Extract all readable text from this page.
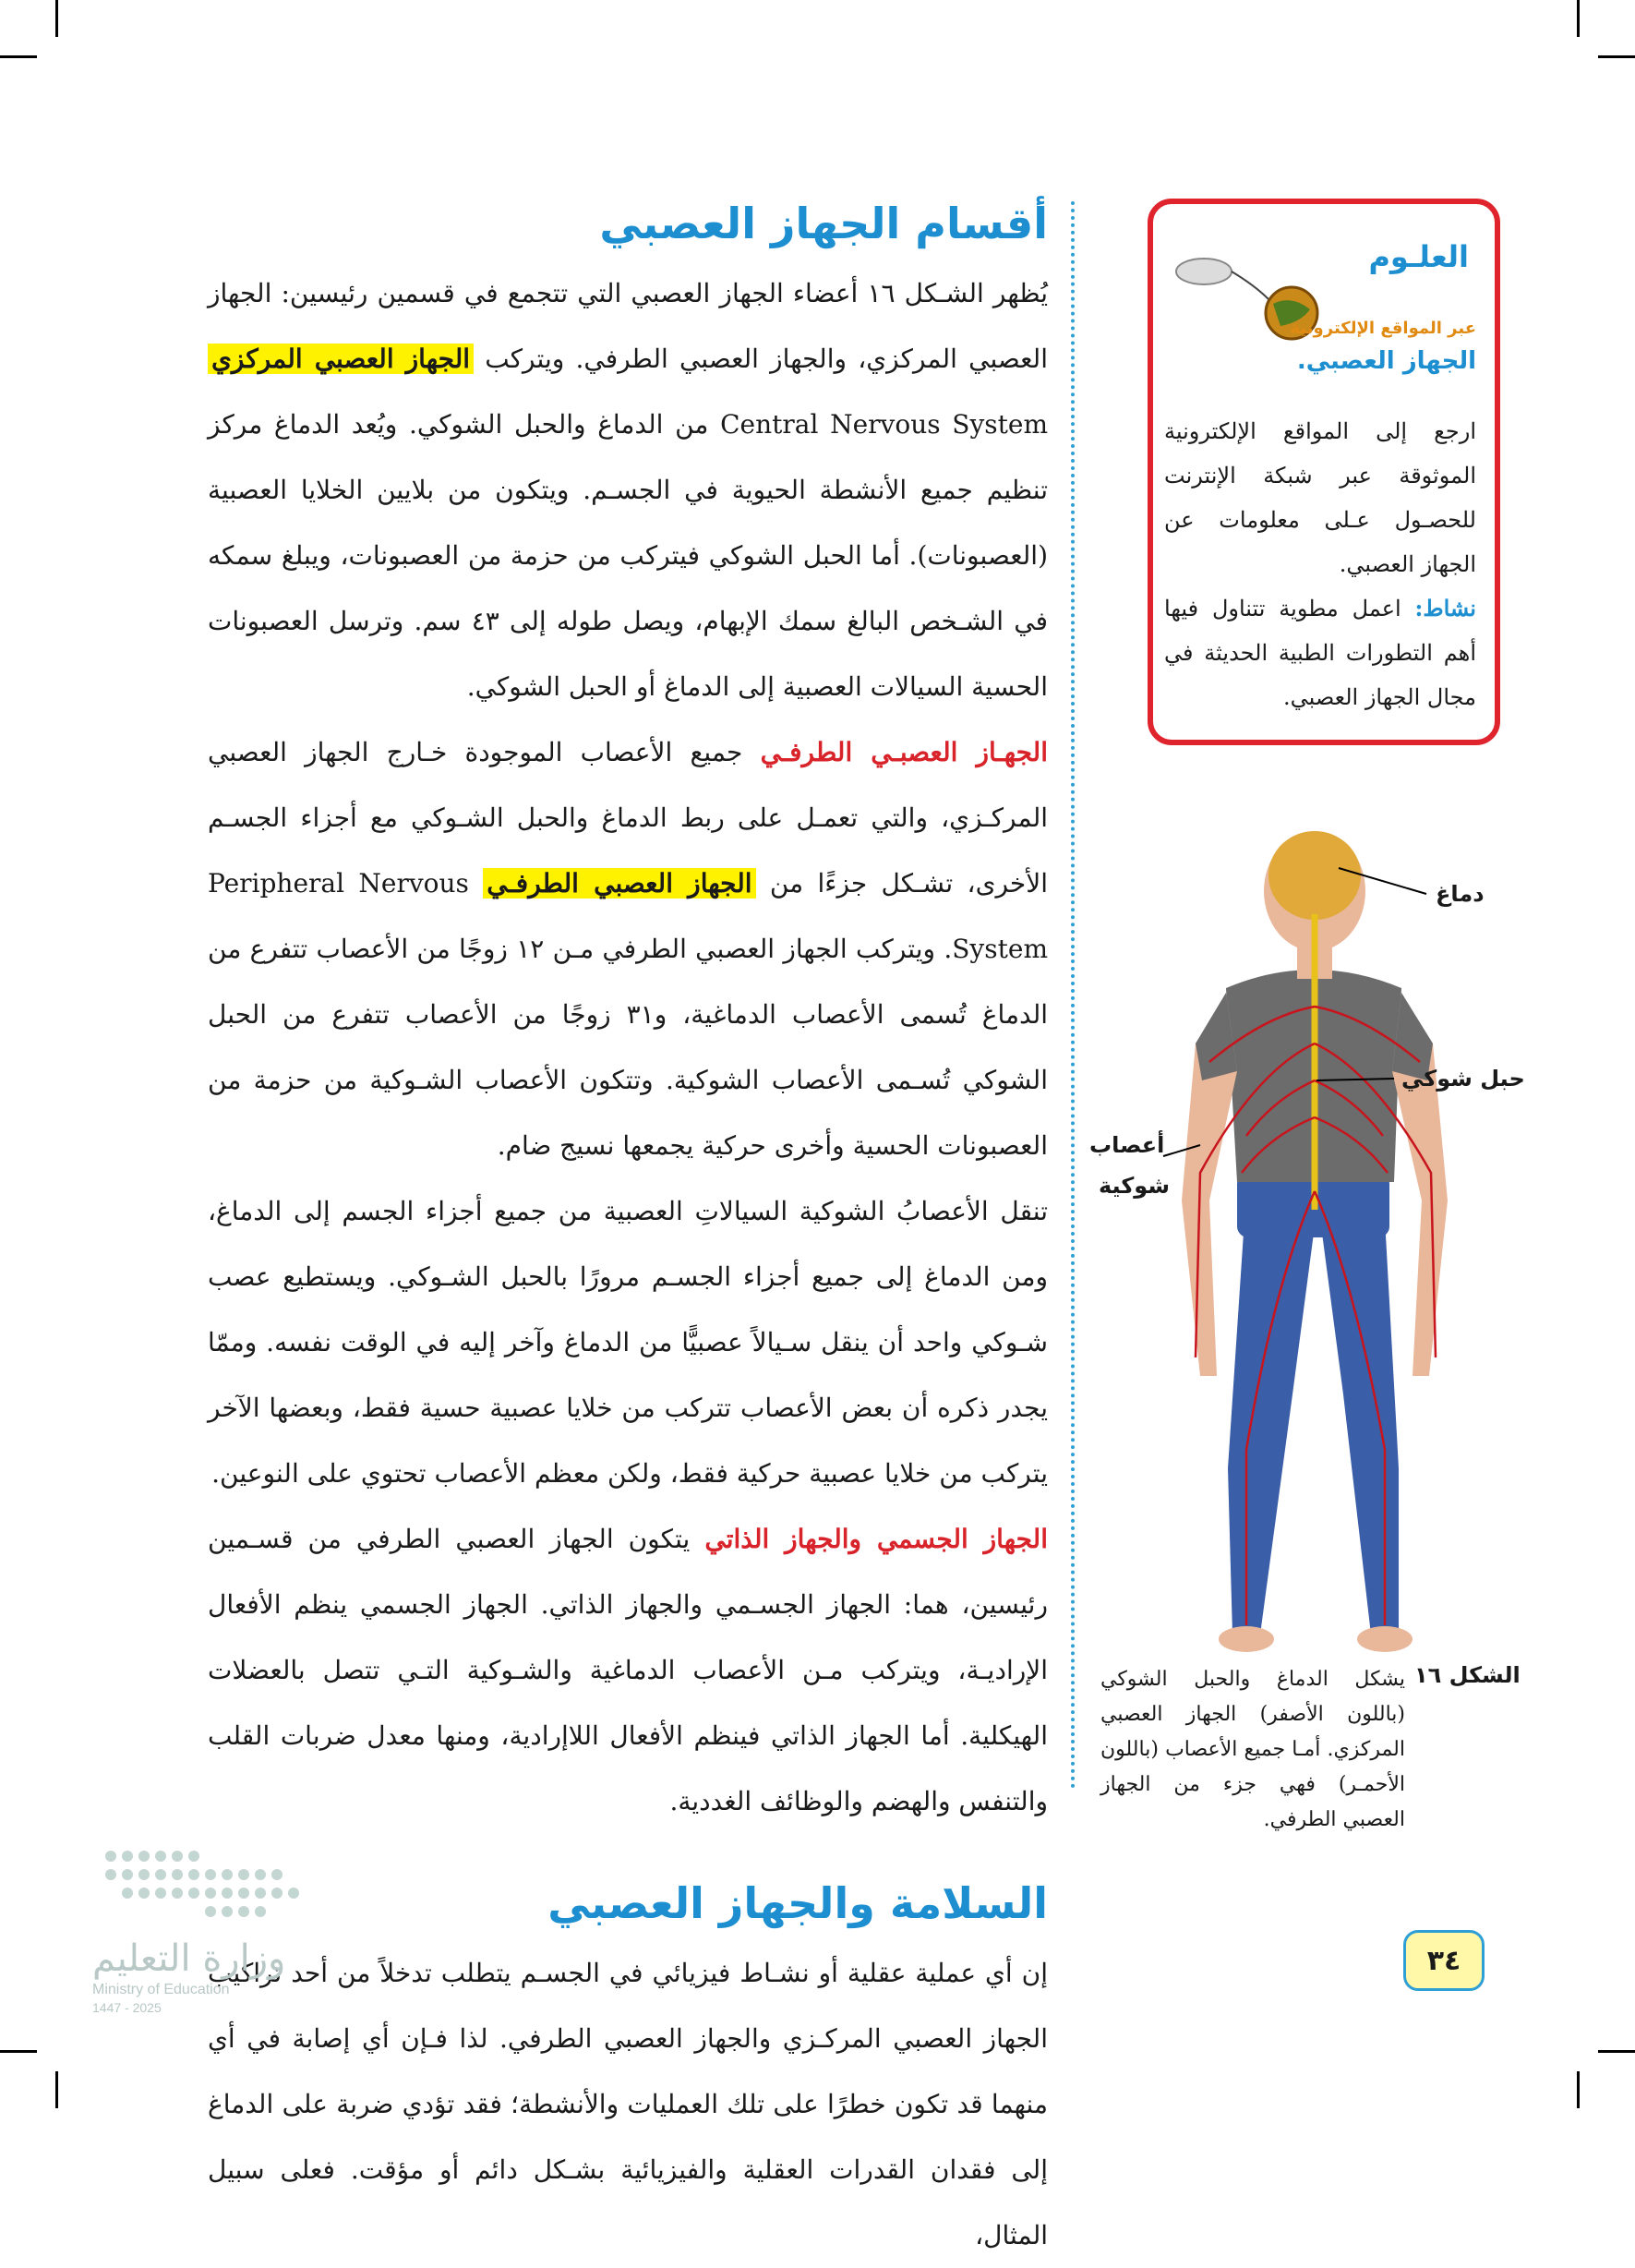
أقسام الجهاز العصبي

يُظهر الشـكل ١٦ أعضاء الجهاز العصبي التي تتجمع في قسمين رئيسين: الجهاز العصبي المركزي، والجهاز العصبي الطرفي. ويتركب الجهاز العصبي المركزي Central Nervous System من الدماغ والحبل الشوكي. ويُعد الدماغ مركز تنظيم جميع الأنشطة الحيوية في الجسـم. ويتكون من بلايين الخلايا العصبية (العصبونات). أما الحبل الشوكي فيتركب من حزمة من العصبونات، ويبلغ سمكه في الشـخص البالغ سمك الإبهام، ويصل طوله إلى ٤٣ سم. وترسل العصبونات الحسية السيالات العصبية إلى الدماغ أو الحبل الشوكي.

الجهـاز العصبـي الطرفـي جميع الأعصاب الموجودة خـارج الجهاز العصبي المركـزي، والتي تعمـل على ربط الدماغ والحبل الشـوكي مع أجزاء الجسـم الأخرى، تشـكل جزءًا من الجهاز العصبي الطرفـي Peripheral Nervous System. ويتركب الجهاز العصبي الطرفي مـن ١٢ زوجًا من الأعصاب تتفرع من الدماغ تُسمى الأعصاب الدماغية، و٣١ زوجًا من الأعصاب تتفرع من الحبل الشوكي تُسـمى الأعصاب الشوكية. وتتكون الأعصاب الشـوكية من حزمة من العصبونات الحسية وأخرى حركية يجمعها نسيج ضام.

تنقل الأعصابُ الشوكية السيالاتِ العصبية من جميع أجزاء الجسم إلى الدماغ، ومن الدماغ إلى جميع أجزاء الجسـم مرورًا بالحبل الشـوكي. ويستطيع عصب شـوكي واحد أن ينقل سـيالاً عصبيًّا من الدماغ وآخر إليه في الوقت نفسه. وممّا يجدر ذكره أن بعض الأعصاب تتركب من خلايا عصبية حسية فقط، وبعضها الآخر يتركب من خلايا عصبية حركية فقط، ولكن معظم الأعصاب تحتوي على النوعين.

الجهاز الجسمي والجهاز الذاتي يتكون الجهاز العصبي الطرفي من قسـمين رئيسين، هما: الجهاز الجسـمي والجهاز الذاتي. الجهاز الجسمي ينظم الأفعال الإراديـة، ويتركب مـن الأعصاب الدماغية والشـوكية التـي تتصل بالعضلات الهيكلية. أما الجهاز الذاتي فينظم الأفعال اللاإرادية، ومنها معدل ضربات القلب والتنفس والهضم والوظائف الغددية.

السلامة والجهاز العصبي

إن أي عملية عقلية أو نشـاط فيزيائي في الجسـم يتطلب تدخلاً من أحد تراكيب الجهاز العصبي المركـزي والجهاز العصبي الطرفي. لذا فـإن أي إصابة في أي منهما قد تكون خطرًا على تلك العمليات والأنشطة؛ فقد تؤدي ضربة على الدماغ إلى فقدان القدرات العقلية والفيزيائية بشـكل دائم أو مؤقت. فعلى سبيل المثال،

العلـوم
عبر المواقع الإلكترونية
الجهاز العصبي.

ارجع إلى المواقع الإلكترونية الموثوقة عبر شبكة الإنترنت للحصـول عـلى معلومات عن الجهاز العصبي.
نشاط: اعمل مطوية تتناول فيها أهم التطورات الطبية الحديثة في مجال الجهاز العصبي.

دماغ
حبل شوكي
أعصاب
شوكية
الشكل ١٦

يشكل الدماغ والحبل الشوكي (باللون الأصفر) الجهاز العصبي المركزي. أمـا جميع الأعصاب (باللون الأحمـر) فهي جزء من الجهاز العصبي الطرفي.

٣٤
وزارة التعليم
Ministry of Education
2025 - 1447
